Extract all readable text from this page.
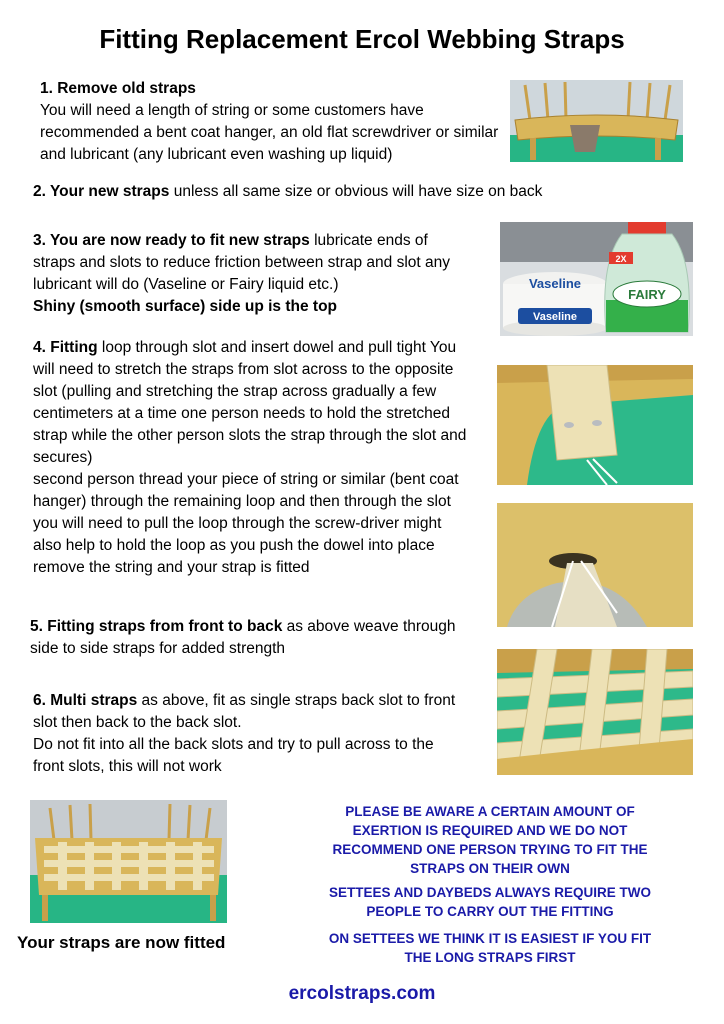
Fitting Replacement Ercol Webbing Straps
1. Remove old straps
You will need a length of string or some customers have recommended a bent coat hanger, an old flat screwdriver or similar and lubricant (any lubricant even washing up liquid)
2. Your new straps unless all same size or obvious will have size on back
3. You are now ready to fit new straps lubricate ends of straps and slots to reduce friction between strap and slot any lubricant will do (Vaseline or Fairy liquid etc.)
Shiny (smooth surface) side up is the top
Vaseline
Vaseline
2X
FAIRY
4. Fitting loop through slot and insert dowel and pull tight You will need to stretch the straps from slot across to the opposite slot (pulling and stretching the strap across gradually a few centimeters at a time one person needs to hold the stretched strap while the other person slots the strap through the slot and secures)
second person thread your piece of string or similar (bent coat hanger) through the remaining loop and then through the slot you will need to pull the loop through the screw-driver might also help to hold the loop as you push the dowel into place remove the string and your strap is fitted
5. Fitting straps from front to back as above weave through side to side straps for added strength
6. Multi straps as above, fit as single straps back slot to front slot then back to the back slot.
Do not fit into all the back slots and try to pull across to the front slots, this will not work
Your straps are now fitted
PLEASE BE AWARE A CERTAIN AMOUNT OF EXERTION IS REQUIRED AND WE DO NOT RECOMMEND ONE PERSON TRYING TO FIT THE STRAPS ON THEIR OWN
SETTEES AND DAYBEDS ALWAYS REQUIRE TWO PEOPLE TO CARRY OUT THE FITTING
ON SETTEES WE THINK IT IS EASIEST IF YOU FIT THE LONG STRAPS FIRST
ercolstraps.com
